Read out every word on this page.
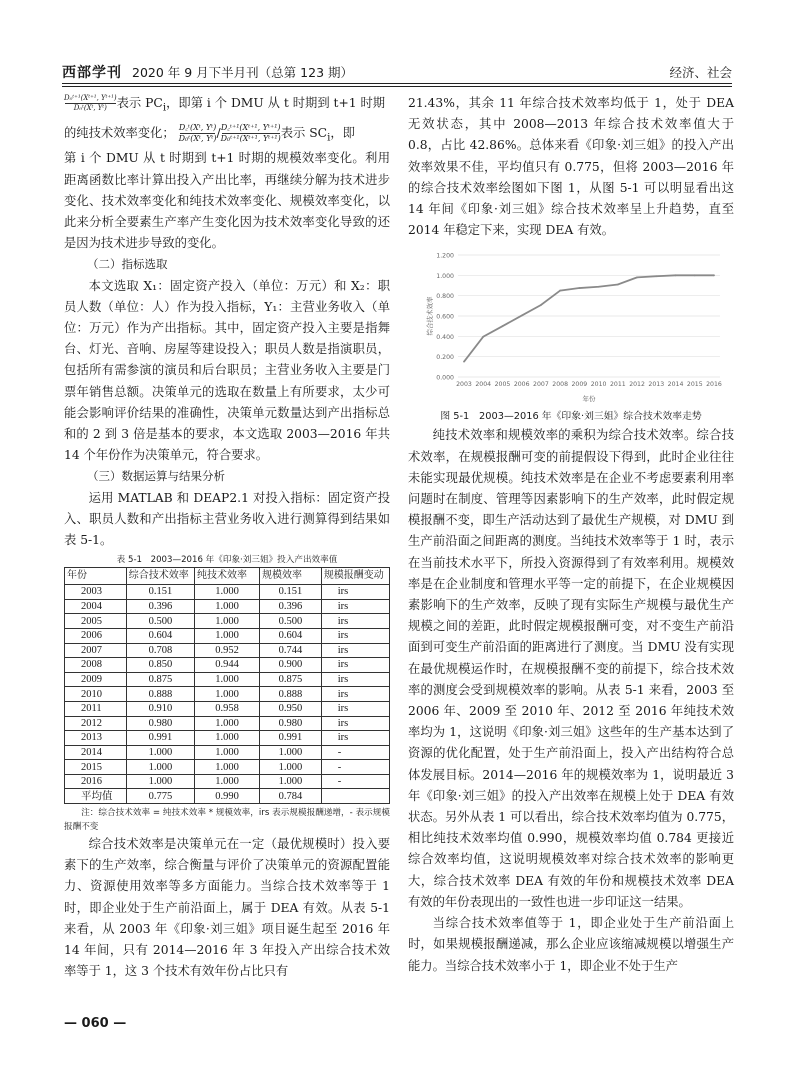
西部学刊 2020 年 9 月下半月刊（总第 123 期）	经济、社会

$\frac{\text{D₀ᵗ⁺¹(Xᵗ⁺¹, Yᵗ⁺¹)}}{\text{D₀ᵗ(Xᵗ, Yᵗ)}}$ 表示 $PC_i$，即第 i 个 DMU 从 t 时期到 t+1 时期

的纯技术效率变化； $\frac{\text{D꜀ᵗ(Xᵗ, Yᵗ)}}{\text{D₀ᵗ(Xᵗ, Yᵗ)}} / \frac{\text{D꜀ᵗ⁺¹(Xᵗ⁺¹, Yᵗ⁺¹)}}{\text{D₀ᵗ⁺¹(Xᵗ⁺¹, Yᵗ⁺¹)}}$ 表示 $SC_i$，即

第 i 个 DMU 从 t 时期到 t+1 时期的规模效率变化。利用距离函数比率计算出投入产出比率，再继续分解为技术进步变化、技术效率变化和纯技术效率变化、规模效率变化，以此来分析全要素生产率产生变化因为技术效率变化导致的还是因为技术进步导致的变化。

（二）指标选取

本文选取 X₁：固定资产投入（单位：万元）和 X₂：职员人数（单位：人）作为投入指标，Y₁：主营业务收入（单位：万元）作为产出指标。其中，固定资产投入主要是指舞台、灯光、音响、房屋等建设投入；职员人数是指演职员，包括所有需参演的演员和后台职员；主营业务收入主要是门票年销售总额。决策单元的选取在数量上有所要求，太少可能会影响评价结果的准确性，决策单元数量达到产出指标总和的 2 到 3 倍是基本的要求，本文选取 2003—2016 年共 14 个年份作为决策单元，符合要求。

（三）数据运算与结果分析

运用 MATLAB 和 DEAP2.1 对投入指标：固定资产投入、职员人数和产出指标主营业务收入进行测算得到结果如表 5-1。

表 5-1　2003—2016 年《印象·刘三姐》投入产出效率值
年份	综合技术效率	纯技术效率	规模效率	规模报酬变动
2003	0.151	1.000	0.151	irs
2004	0.396	1.000	0.396	irs
2005	0.500	1.000	0.500	irs
2006	0.604	1.000	0.604	irs
2007	0.708	0.952	0.744	irs
2008	0.850	0.944	0.900	irs
2009	0.875	1.000	0.875	irs
2010	0.888	1.000	0.888	irs
2011	0.910	0.958	0.950	irs
2012	0.980	1.000	0.980	irs
2013	0.991	1.000	0.991	irs
2014	1.000	1.000	1.000	-
2015	1.000	1.000	1.000	-
2016	1.000	1.000	1.000	-
平均值	0.775	0.990	0.784	
注：综合技术效率 = 纯技术效率 * 规模效率，irs 表示规模报酬递增，- 表示规模报酬不变

综合技术效率是决策单元在一定（最优规模时）投入要素下的生产效率，综合衡量与评价了决策单元的资源配置能力、资源使用效率等多方面能力。当综合技术效率等于 1 时，即企业处于生产前沿面上，属于 DEA 有效。从表 5-1 来看，从 2003 年《印象·刘三姐》项目诞生起至 2016 年 14 年间，只有 2014—2016 年 3 年投入产出综合技术效率等于 1，这 3 个技术有效年份占比只有

21.43%，其余 11 年综合技术效率均低于 1，处于 DEA 无效状态，其中 2008—2013 年综合技术效率值大于 0.8，占比 42.86%。总体来看《印象·刘三姐》的投入产出效率效果不佳，平均值只有 0.775，但将 2003—2016 年的综合技术效率绘图如下图 1，从图 5-1 可以明显看出这 14 年间《印象·刘三姐》综合技术效率呈上升趋势，直至 2014 年稳定下来，实现 DEA 有效。

0.000
0.200
0.400
0.600
0.800
1.000
1.200
2003 2004 2005 2006 2007 2008 2009 2010 2011 2012 2013 2014 2015 2016
综合技术效率
年份
图 5-1　2003—2016 年《印象·刘三姐》综合技术效率走势

纯技术效率和规模效率的乘积为综合技术效率。综合技术效率，在规模报酬可变的前提假设下得到，此时企业往往未能实现最优规模。纯技术效率是在企业不考虑要素利用率问题时在制度、管理等因素影响下的生产效率，此时假定规模报酬不变，即生产活动达到了最优生产规模，对 DMU 到生产前沿面之间距离的测度。当纯技术效率等于 1 时，表示在当前技术水平下，所投入资源得到了有效率利用。规模效率是在企业制度和管理水平等一定的前提下，在企业规模因素影响下的生产效率，反映了现有实际生产规模与最优生产规模之间的差距，此时假定规模报酬可变，对不变生产前沿面到可变生产前沿面的距离进行了测度。当 DMU 没有实现在最优规模运作时，在规模报酬不变的前提下，综合技术效率的测度会受到规模效率的影响。从表 5-1 来看，2003 至 2006 年、2009 至 2010 年、2012 至 2016 年纯技术效率均为 1，这说明《印象·刘三姐》这些年的生产基本达到了资源的优化配置，处于生产前沿面上，投入产出结构符合总体发展目标。2014—2016 年的规模效率为 1，说明最近 3 年《印象·刘三姐》的投入产出效率在规模上处于 DEA 有效状态。另外从表 1 可以看出，综合技术效率均值为 0.775，相比纯技术效率均值 0.990，规模效率均值 0.784 更接近综合效率均值，这说明规模效率对综合技术效率的影响更大，综合技术效率 DEA 有效的年份和规模技术效率 DEA 有效的年份表现出的一致性也进一步印证这一结果。

当综合技术效率值等于 1，即企业处于生产前沿面上时，如果规模报酬递减，那么企业应该缩减规模以增强生产能力。当综合技术效率小于 1，即企业不处于生产

— 060 —
